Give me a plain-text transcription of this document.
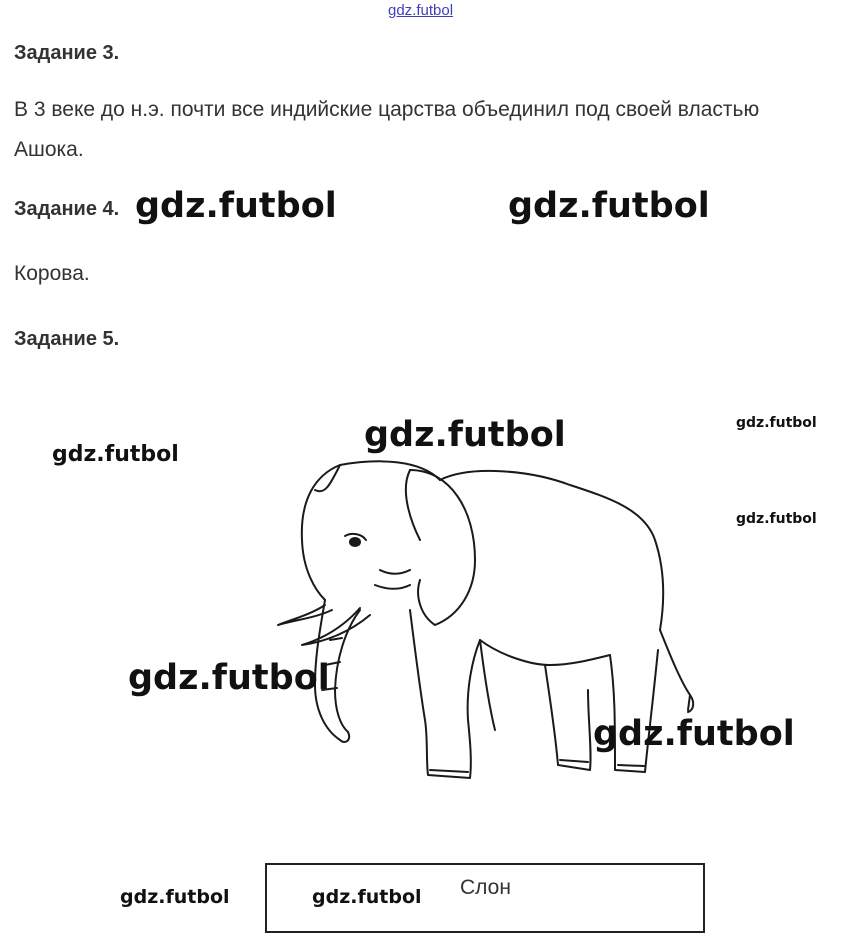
gdz.futbol
Задание 3.
В 3 веке до н.э. почти все индийские царства объединил под своей властью
Ашока.
Задание 4.
Корова.
Задание 5.
Слон
gdz.futbol	gdz.futbol
gdz.futbol
gdz.futbol
gdz.futbol
gdz.futbol
gdz.futbol
gdz.futbol
gdz.futbol	gdz.futbol
